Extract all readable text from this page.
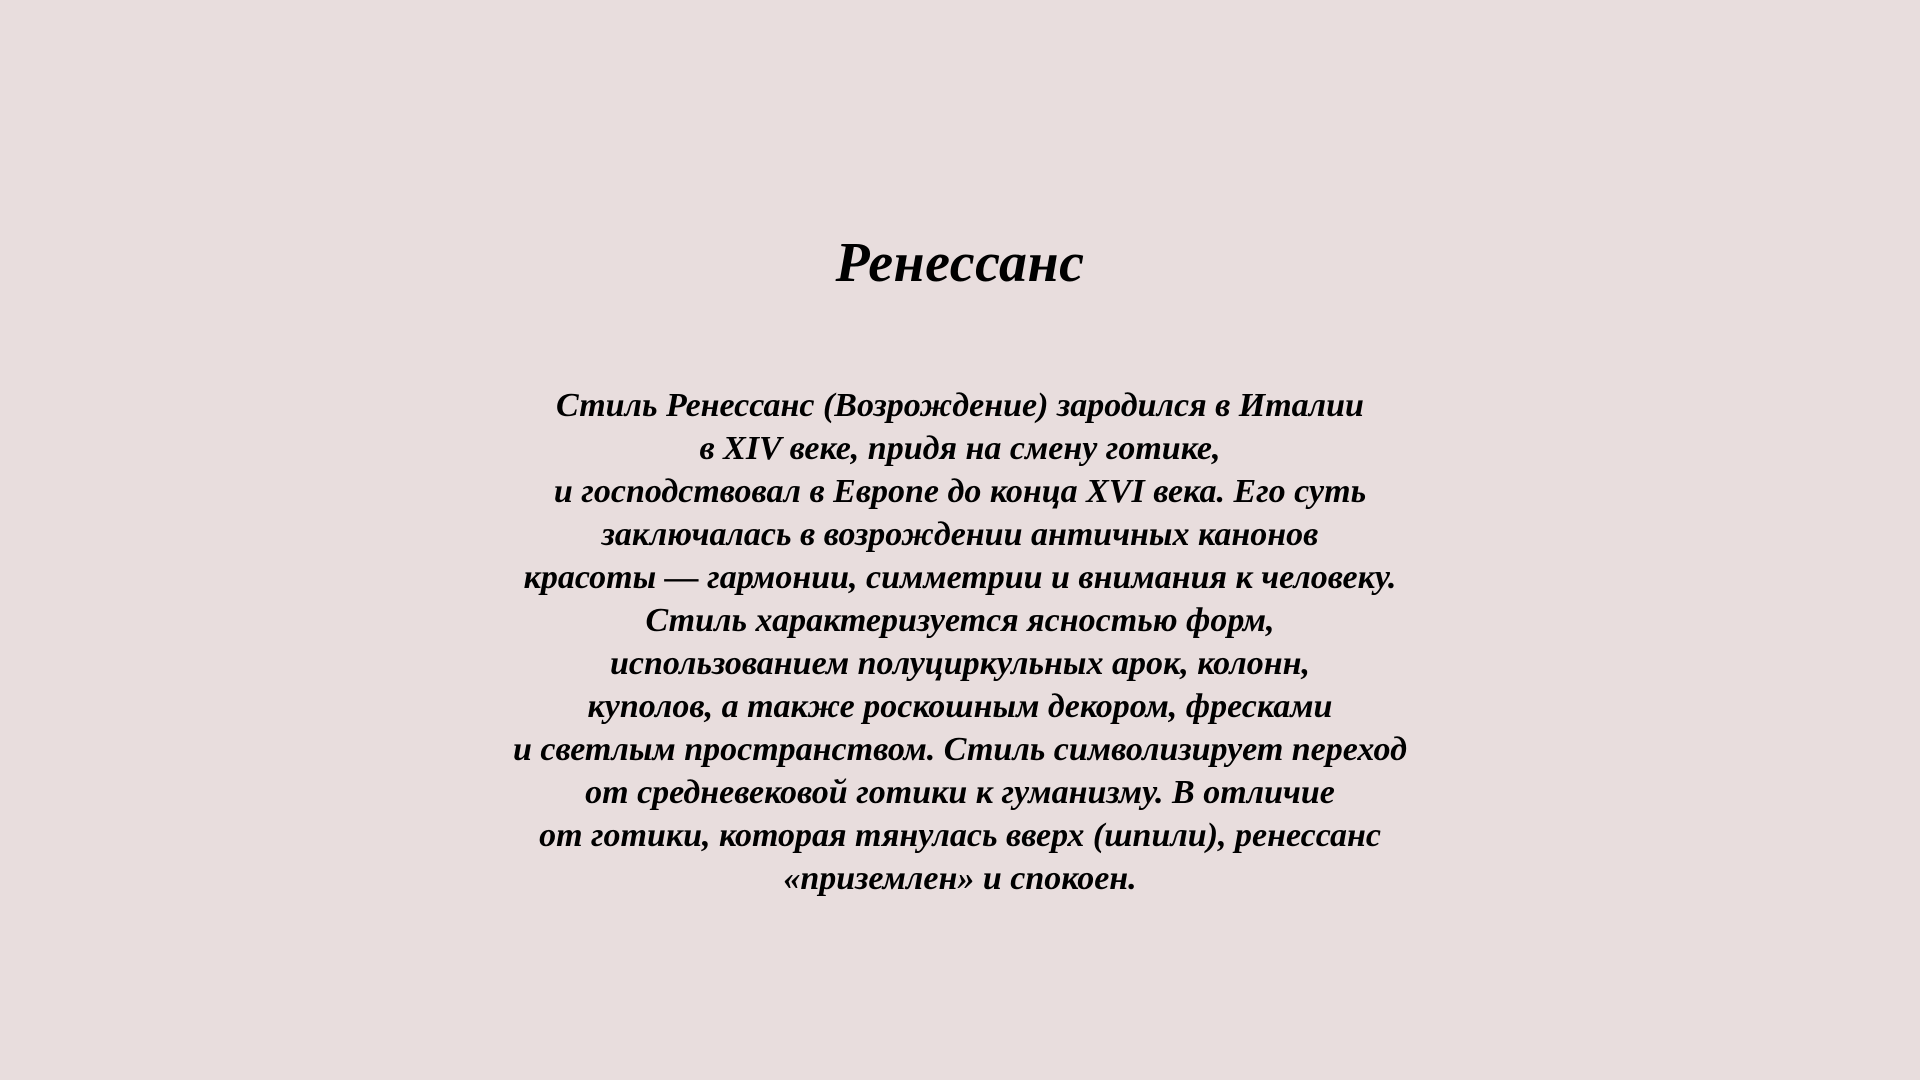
Ренессанс
Стиль Ренессанс (Возрождение) зародился в Италии
в XIV веке, придя на смену готике,
и господствовал в Европе до конца XVI века. Его суть
заключалась в возрождении античных канонов
красоты — гармонии, симметрии и внимания к человеку.
Стиль характеризуется ясностью форм,
использованием полуциркульных арок, колонн,
куполов, а также роскошным декором, фресками
и светлым пространством. Стиль символизирует переход
от средневековой готики к гуманизму. В отличие
от готики, которая тянулась вверх (шпили), ренессанс
«приземлен» и спокоен.
